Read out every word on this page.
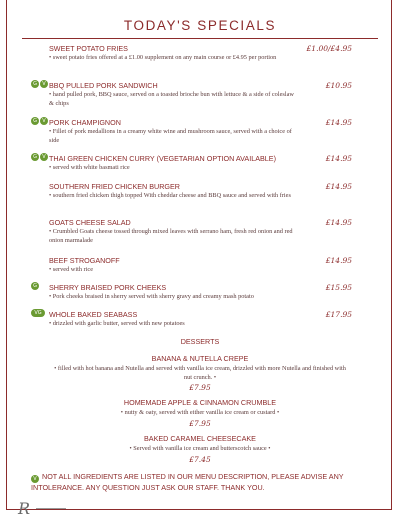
TODAY'S SPECIALS
SWEET POTATO FRIES	£1.00/£4.95
• sweet potato fries offered at a £1.00 supplement on any main course or £4.95 per portion
G	V BBQ PULLED PORK SANDWICH	£10.95
• hand pulled pork, BBQ sauce, served on a toasted brioche bun with lettuce & a side of coleslaw & chips
G	V PORK CHAMPIGNON	£14.95
• Fillet of pork medallions in a creamy white wine and mushroom sauce, served with a choice of side
G	V THAI GREEN CHICKEN CURRY (VEGETARIAN OPTION AVAILABLE)	£14.95
• served with white basmati rice
SOUTHERN FRIED CHICKEN BURGER	£14.95
• southern fried chicken thigh topped With cheddar cheese and BBQ sauce and served with fries
GOATS CHEESE SALAD	£14.95
• Crumbled Goats cheese tossed through mixed leaves with serrano ham, fresh red onion and red onion marmalade
BEEF STROGANOFF	£14.95
• served with rice
G SHERRY BRAISED PORK CHEEKS	£15.95
• Pork cheeks braised in sherry served with sherry gravy and creamy mash potato
VG	WHOLE BAKED SEABASS	£17.95
• drizzled with garlic butter, served with new potatoes
DESSERTS
BANANA & NUTELLA CREPE
• filled with hot banana and Nutella and served with vanilla ice cream, drizzled with more Nutella and finished with nut crunch. •
£7.95
HOMEMADE APPLE & CINNAMON CRUMBLE
• nutty & oaty, served with either vanilla ice cream or custard •
£7.95
BAKED CARAMEL CHEESECAKE
• Served with vanilla ice cream and butterscotch sauce •
£7.45
V NOT ALL INGREDIENTS ARE LISTED IN OUR MENU DESCRIPTION, PLEASE ADVISE ANY INTOLERANCE. ANY QUESTION JUST ASK OUR STAFF. THANK YOU.
R
